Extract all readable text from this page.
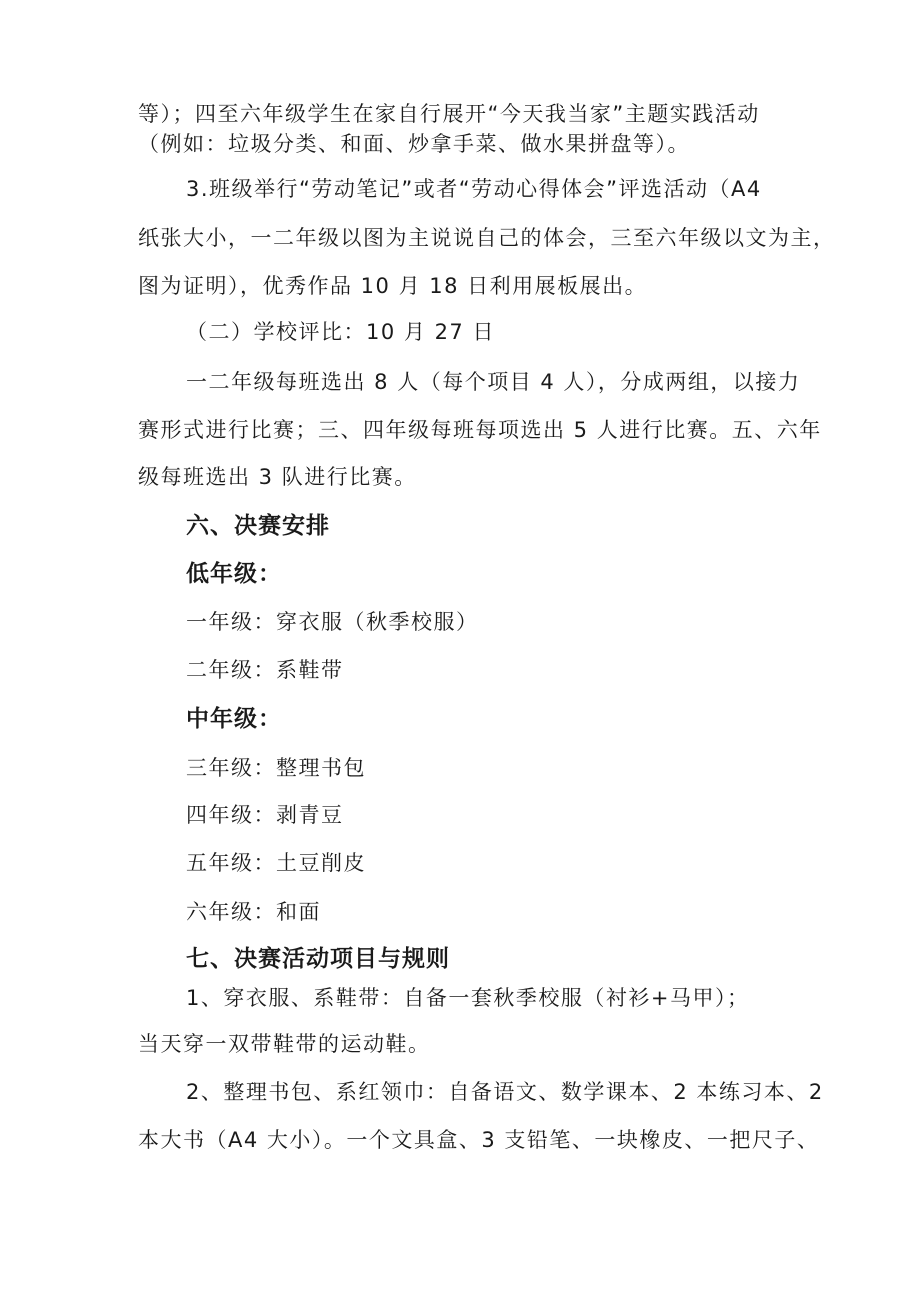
等）；四至六年级学生在家自行展开“今天我当家”主题实践活动
（例如：垃圾分类、和面、炒拿手菜、做水果拼盘等）。
3.班级举行“劳动笔记”或者“劳动心得体会”评选活动（A4
纸张大小，一二年级以图为主说说自己的体会，三至六年级以文为主，
图为证明），优秀作品 10 月 18 日利用展板展出。
（二）学校评比：10 月 27 日
一二年级每班选出 8 人（每个项目 4 人），分成两组，以接力
赛形式进行比赛；三、四年级每班每项选出 5 人进行比赛。五、六年
级每班选出 3 队进行比赛。
六、决赛安排
低年级：
一年级：穿衣服（秋季校服）
二年级：系鞋带
中年级：
三年级：整理书包
四年级：剥青豆
五年级：土豆削皮
六年级：和面
七、决赛活动项目与规则
1、穿衣服、系鞋带：自备一套秋季校服（衬衫+马甲）；
当天穿一双带鞋带的运动鞋。
2、整理书包、系红领巾：自备语文、数学课本、2 本练习本、2
本大书（A4 大小）。一个文具盒、3 支铅笔、一块橡皮、一把尺子、
